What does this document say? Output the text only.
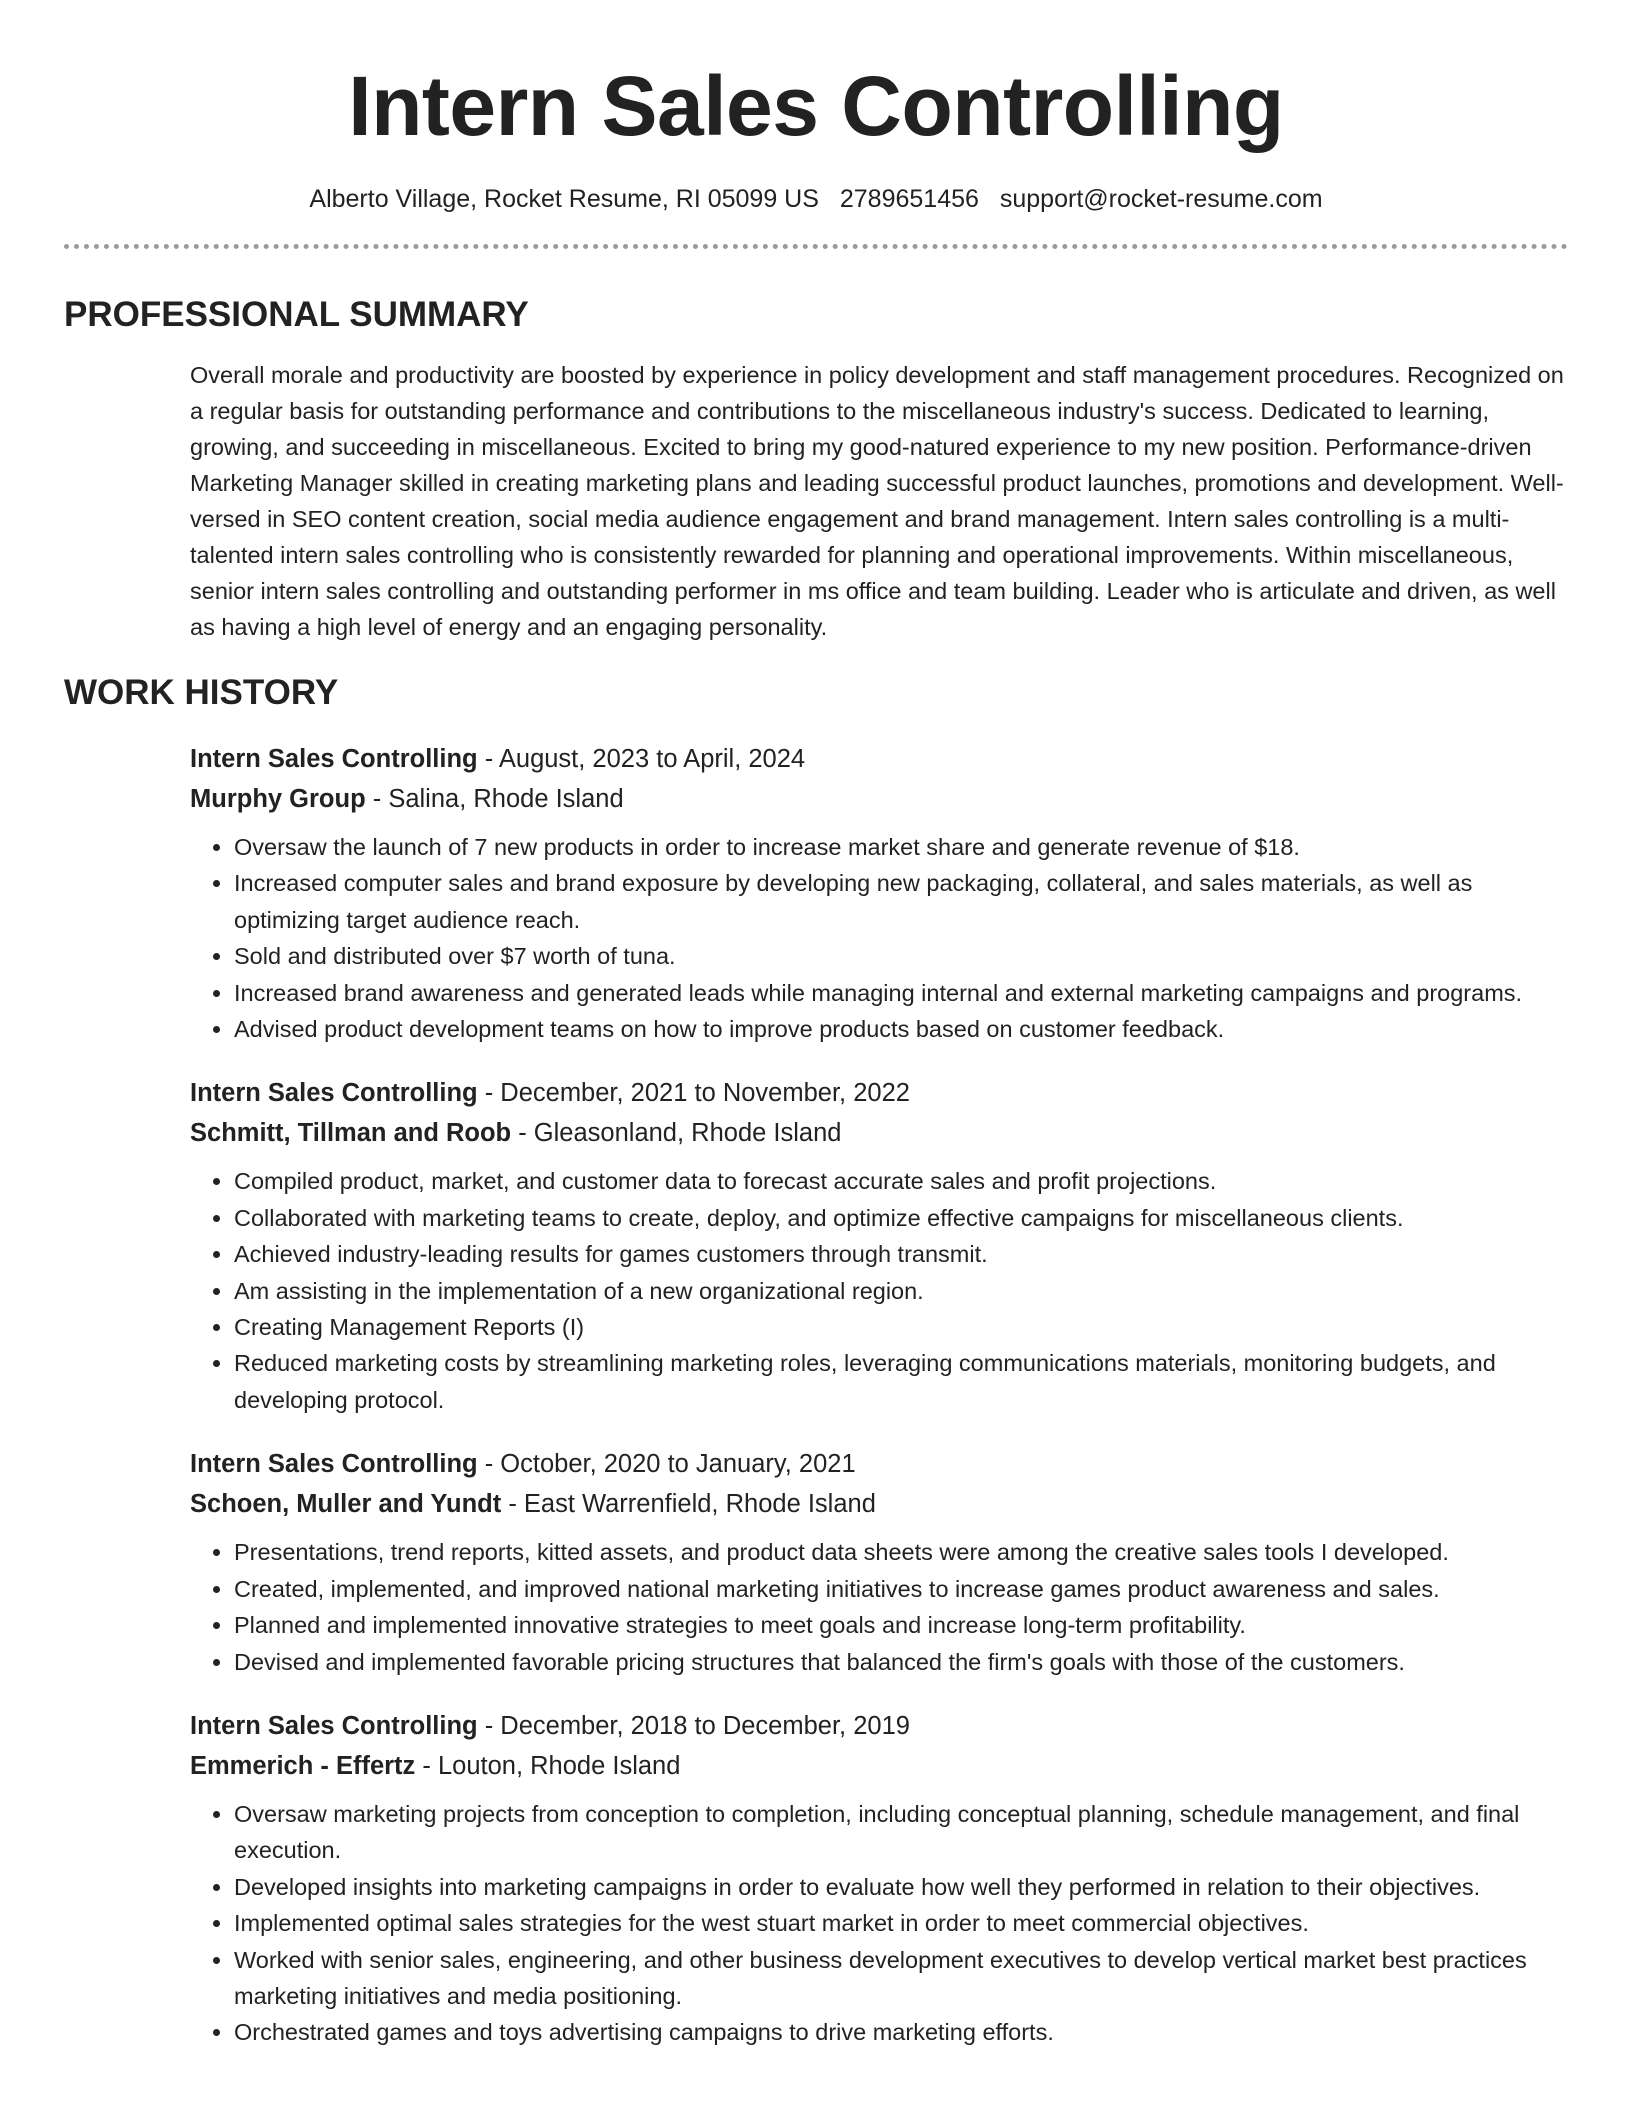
Intern Sales Controlling
Alberto Village, Rocket Resume, RI 05099 US 2789651456 support@rocket-resume.com
PROFESSIONAL SUMMARY

Overall morale and productivity are boosted by experience in policy development and staff management procedures. Recognized on a regular basis for outstanding performance and contributions to the miscellaneous industry's success. Dedicated to learning, growing, and succeeding in miscellaneous. Excited to bring my good-natured experience to my new position. Performance-driven Marketing Manager skilled in creating marketing plans and leading successful product launches, promotions and development. Well-versed in SEO content creation, social media audience engagement and brand management. Intern sales controlling is a multi-talented intern sales controlling who is consistently rewarded for planning and operational improvements. Within miscellaneous, senior intern sales controlling and outstanding performer in ms office and team building. Leader who is articulate and driven, as well as having a high level of energy and an engaging personality.

WORK HISTORY
Intern Sales Controlling - August, 2023 to April, 2024
Murphy Group - Salina, Rhode Island
• Oversaw the launch of 7 new products in order to increase market share and generate revenue of $18.
• Increased computer sales and brand exposure by developing new packaging, collateral, and sales materials, as well as optimizing target audience reach.
• Sold and distributed over $7 worth of tuna.
• Increased brand awareness and generated leads while managing internal and external marketing campaigns and programs.
• Advised product development teams on how to improve products based on customer feedback.
Intern Sales Controlling - December, 2021 to November, 2022
Schmitt, Tillman and Roob - Gleasonland, Rhode Island
• Compiled product, market, and customer data to forecast accurate sales and profit projections.
• Collaborated with marketing teams to create, deploy, and optimize effective campaigns for miscellaneous clients.
• Achieved industry-leading results for games customers through transmit.
• Am assisting in the implementation of a new organizational region.
• Creating Management Reports (I)
• Reduced marketing costs by streamlining marketing roles, leveraging communications materials, monitoring budgets, and developing protocol.
Intern Sales Controlling - October, 2020 to January, 2021
Schoen, Muller and Yundt - East Warrenfield, Rhode Island
• Presentations, trend reports, kitted assets, and product data sheets were among the creative sales tools I developed.
• Created, implemented, and improved national marketing initiatives to increase games product awareness and sales.
• Planned and implemented innovative strategies to meet goals and increase long-term profitability.
• Devised and implemented favorable pricing structures that balanced the firm's goals with those of the customers.
Intern Sales Controlling - December, 2018 to December, 2019
Emmerich - Effertz - Louton, Rhode Island
• Oversaw marketing projects from conception to completion, including conceptual planning, schedule management, and final execution.
• Developed insights into marketing campaigns in order to evaluate how well they performed in relation to their objectives.
• Implemented optimal sales strategies for the west stuart market in order to meet commercial objectives.
• Worked with senior sales, engineering, and other business development executives to develop vertical market best practices marketing initiatives and media positioning.
• Orchestrated games and toys advertising campaigns to drive marketing efforts.
